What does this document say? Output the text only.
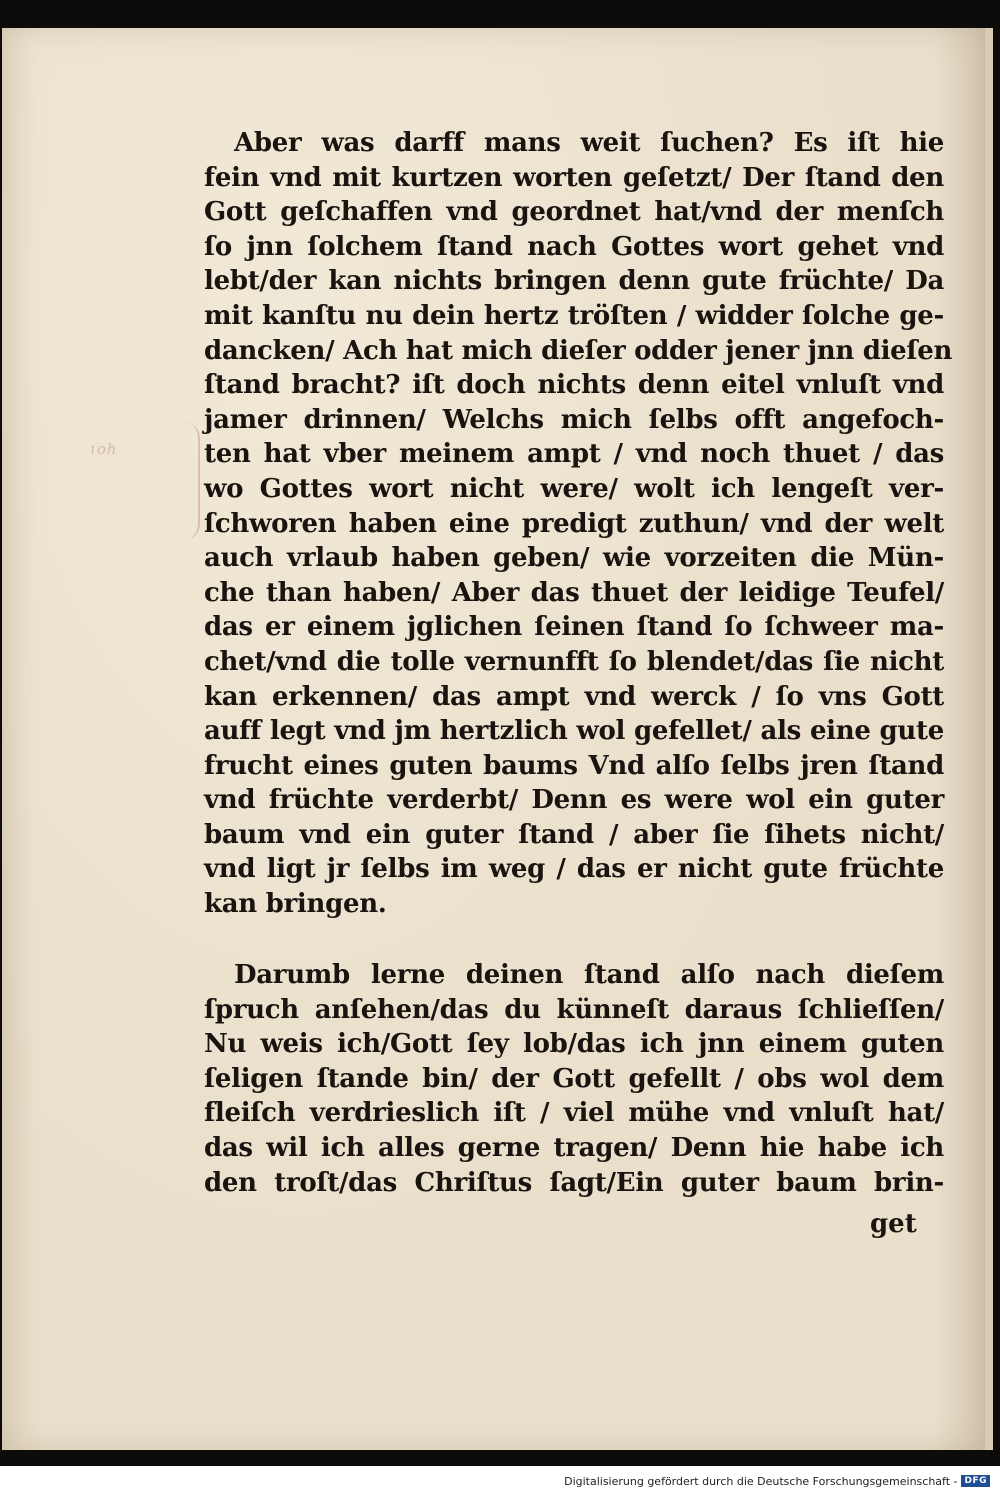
ɩoh
Aber was darff mans weit ſuchen? Es iſt hie
fein vnd mit kurtzen worten geſetzt/ Der ſtand den
Gott geſchaffen vnd geordnet hat/vnd der menſch
ſo jnn ſolchem ſtand nach Gottes wort gehet vnd
lebt/der kan nichts bringen denn gute früchte/ Da
mit kanſtu nu dein hertz tröſten / widder ſolche ge-
dancken/ Ach hat mich dieſer odder jener jnn dieſen
ſtand bracht? iſt doch nichts denn eitel vnluſt vnd
jamer drinnen/ Welchs mich ſelbs offt angefoch-
ten hat vber meinem ampt / vnd noch thuet / das
wo Gottes wort nicht were/ wolt ich lengeſt ver-
ſchworen haben eine predigt zuthun/ vnd der welt
auch vrlaub haben geben/ wie vorzeiten die Mün-
che than haben/ Aber das thuet der leidige Teufel/
das er einem jglichen ſeinen ſtand ſo ſchweer ma-
chet/vnd die tolle vernunfft ſo blendet/das ſie nicht
kan erkennen/ das ampt vnd werck / ſo vns Gott
auff legt vnd jm hertzlich wol gefellet/ als eine gute
frucht eines guten baums Vnd alſo ſelbs jren ſtand
vnd früchte verderbt/ Denn es were wol ein guter
baum vnd ein guter ſtand / aber ſie ſihets nicht/
vnd ligt jr ſelbs im weg / das er nicht gute früchte
kan bringen.
Darumb lerne deinen ſtand alſo nach dieſem
ſpruch anſehen/das du künneſt daraus ſchlieſſen/
Nu weis ich/Gott ſey lob/das ich jnn einem guten
ſeligen ſtande bin/ der Gott gefellt / obs wol dem
fleiſch verdrieslich iſt / viel mühe vnd vnluſt hat/
das wil ich alles gerne tragen/ Denn hie habe ich
den troſt/das Chriſtus ſagt/Ein guter baum brin-
get
Digitalisierung gefördert durch die Deutsche Forschungsgemeinschaft - DFG
